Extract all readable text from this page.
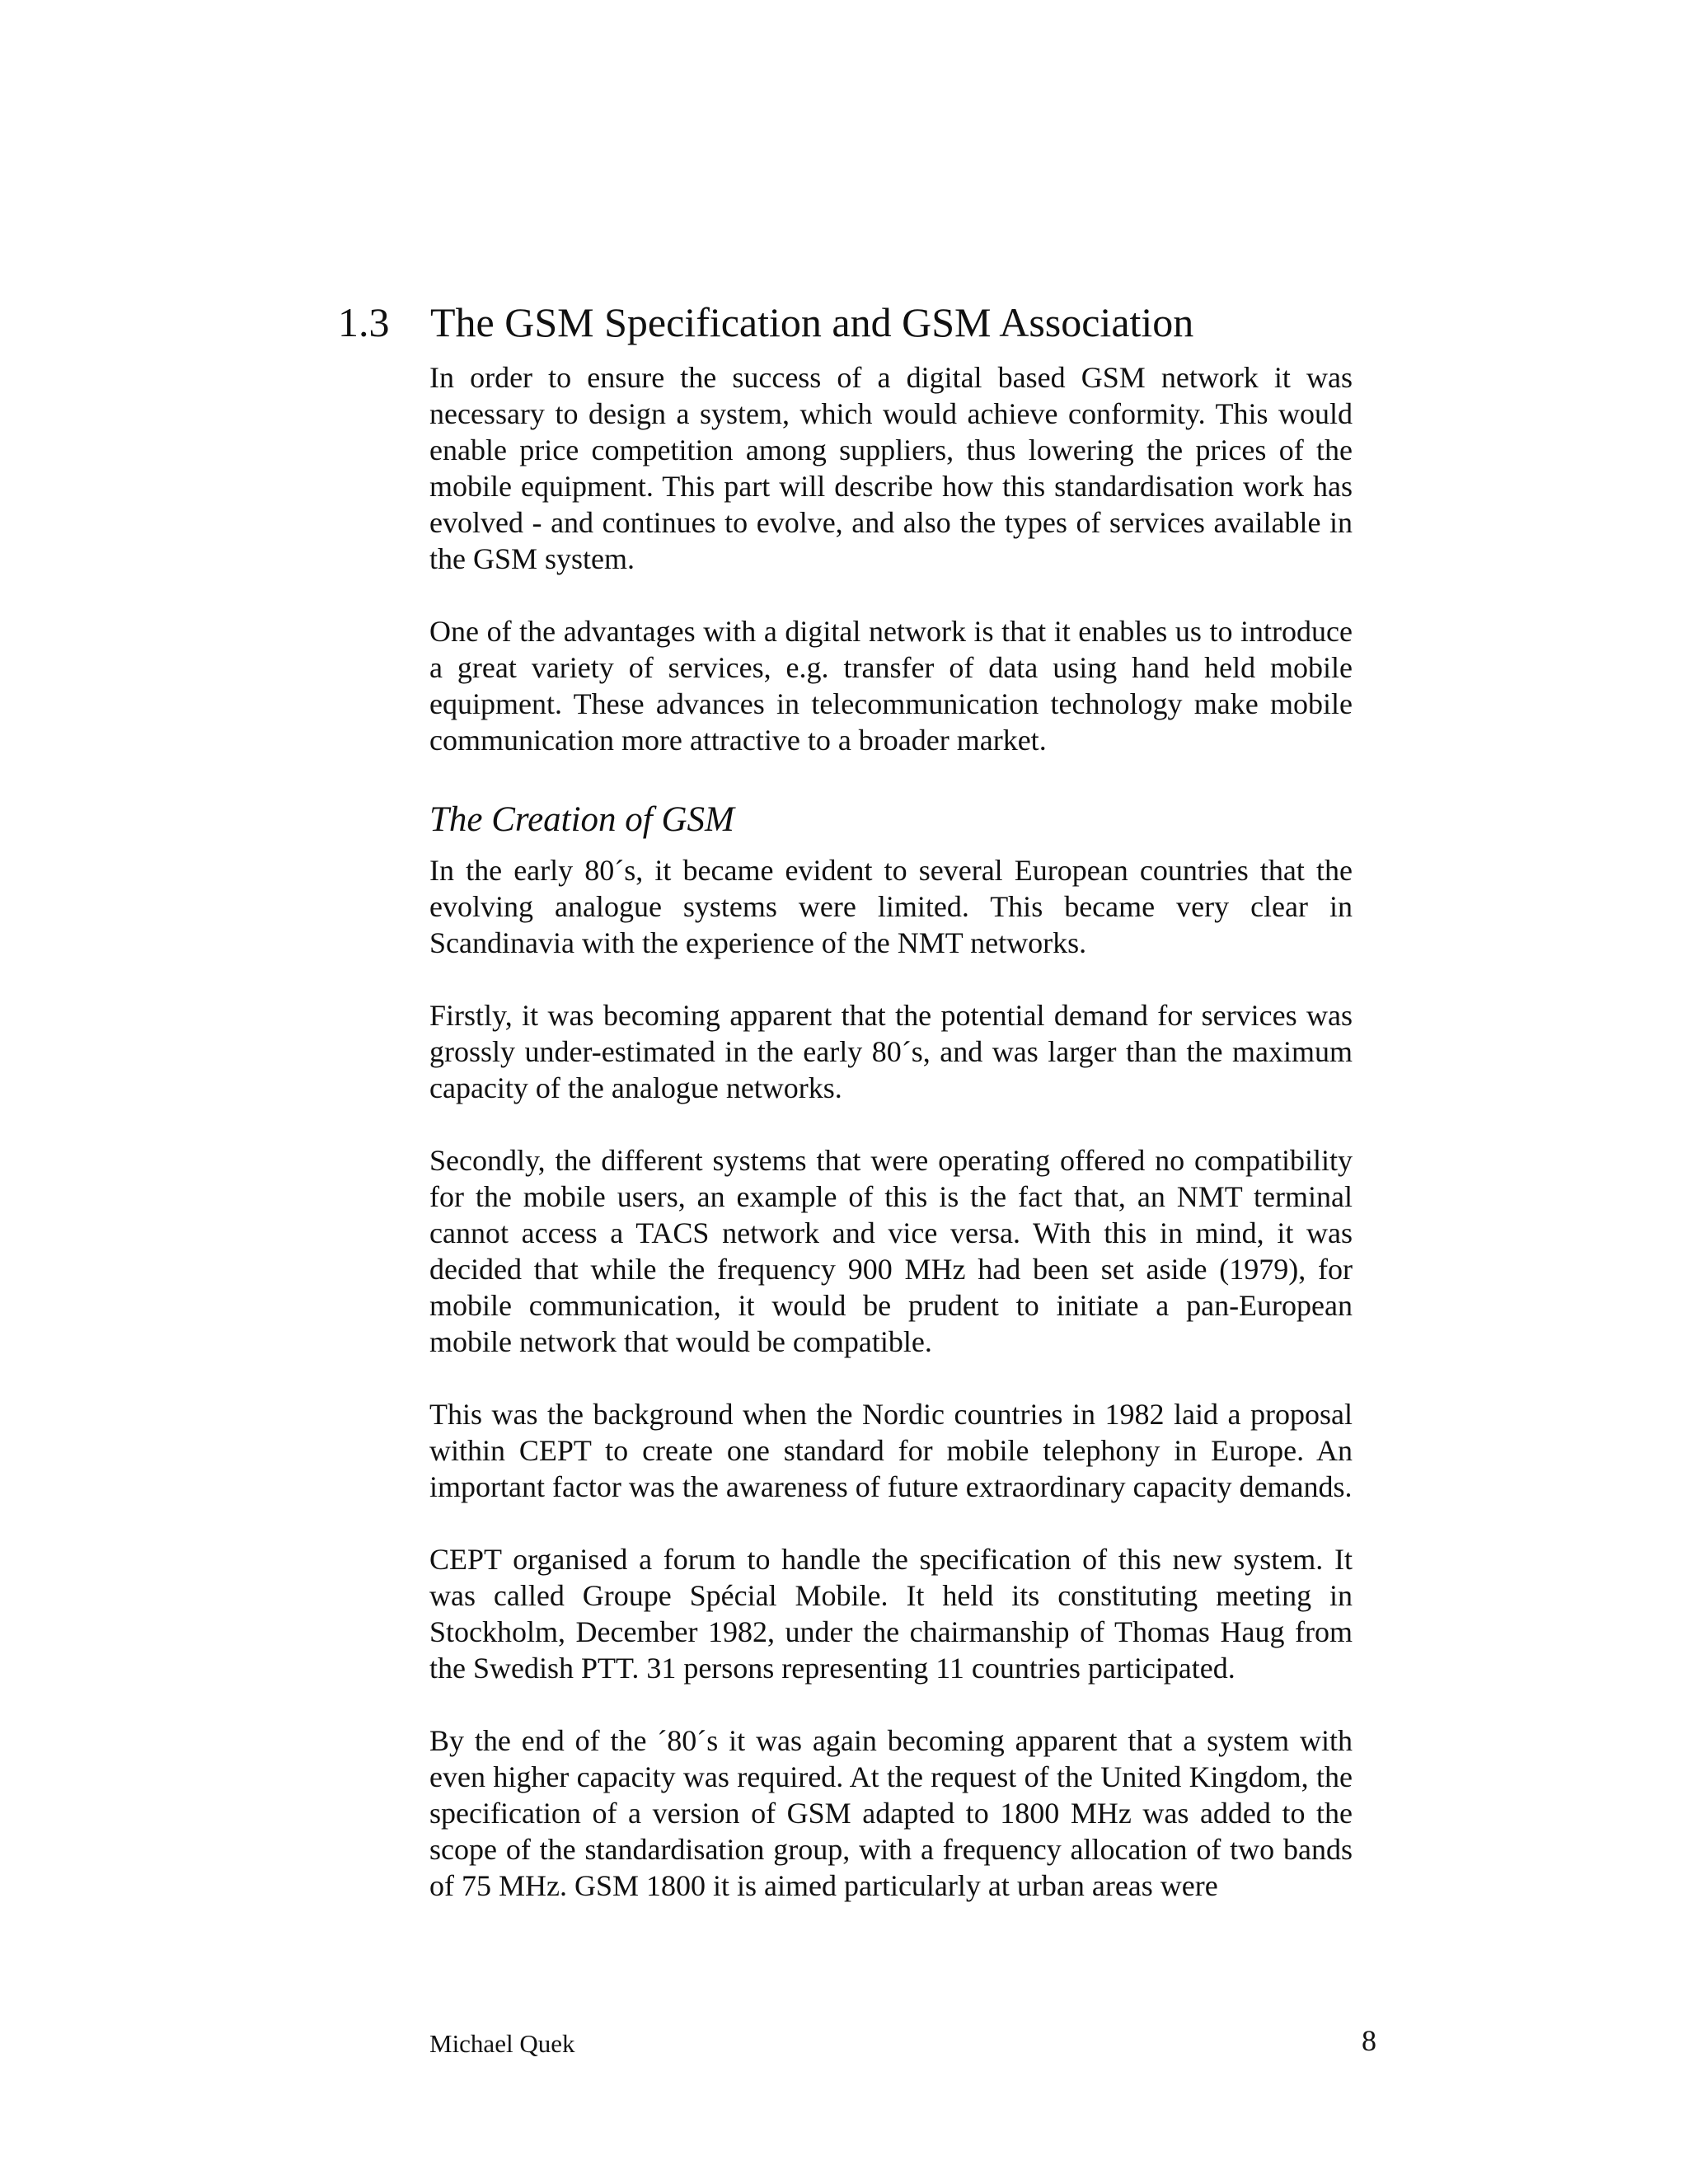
1.3 The GSM Specification and GSM Association

In order to ensure the success of a digital based GSM network it was necessary to design a system, which would achieve conformity. This would enable price competition among suppliers, thus lowering the prices of the mobile equipment. This part will describe how this standardisation work has evolved - and continues to evolve, and also the types of services available in the GSM system.

One of the advantages with a digital network is that it enables us to introduce a great variety of services, e.g. transfer of data using hand held mobile equipment. These advances in telecommunication technology make mobile communication more attractive to a broader market.

The Creation of GSM

In the early 80´s, it became evident to several European countries that the evolving analogue systems were limited. This became very clear in Scandinavia with the experience of the NMT networks.

Firstly, it was becoming apparent that the potential demand for services was grossly under-estimated in the early 80´s, and was larger than the maximum capacity of the analogue networks.

Secondly, the different systems that were operating offered no compatibility for the mobile users, an example of this is the fact that, an NMT terminal cannot access a TACS network and vice versa. With this in mind, it was decided that while the frequency 900 MHz had been set aside (1979), for mobile communication, it would be prudent to initiate a pan-European mobile network that would be compatible.

This was the background when the Nordic countries in 1982 laid a proposal within CEPT to create one standard for mobile telephony in Europe. An important factor was the awareness of future extraordinary capacity demands.

CEPT organised a forum to handle the specification of this new system. It was called Groupe Spécial Mobile. It held its constituting meeting in Stockholm, December 1982, under the chairmanship of Thomas Haug from the Swedish PTT. 31 persons representing 11 countries participated.

By the end of the ´80´s it was again becoming apparent that a system with even higher capacity was required. At the request of the United Kingdom, the specification of a version of GSM adapted to 1800 MHz was added to the scope of the standardisation group, with a frequency allocation of two bands of 75 MHz. GSM 1800 it is aimed particularly at urban areas were

Michael Quek	8
